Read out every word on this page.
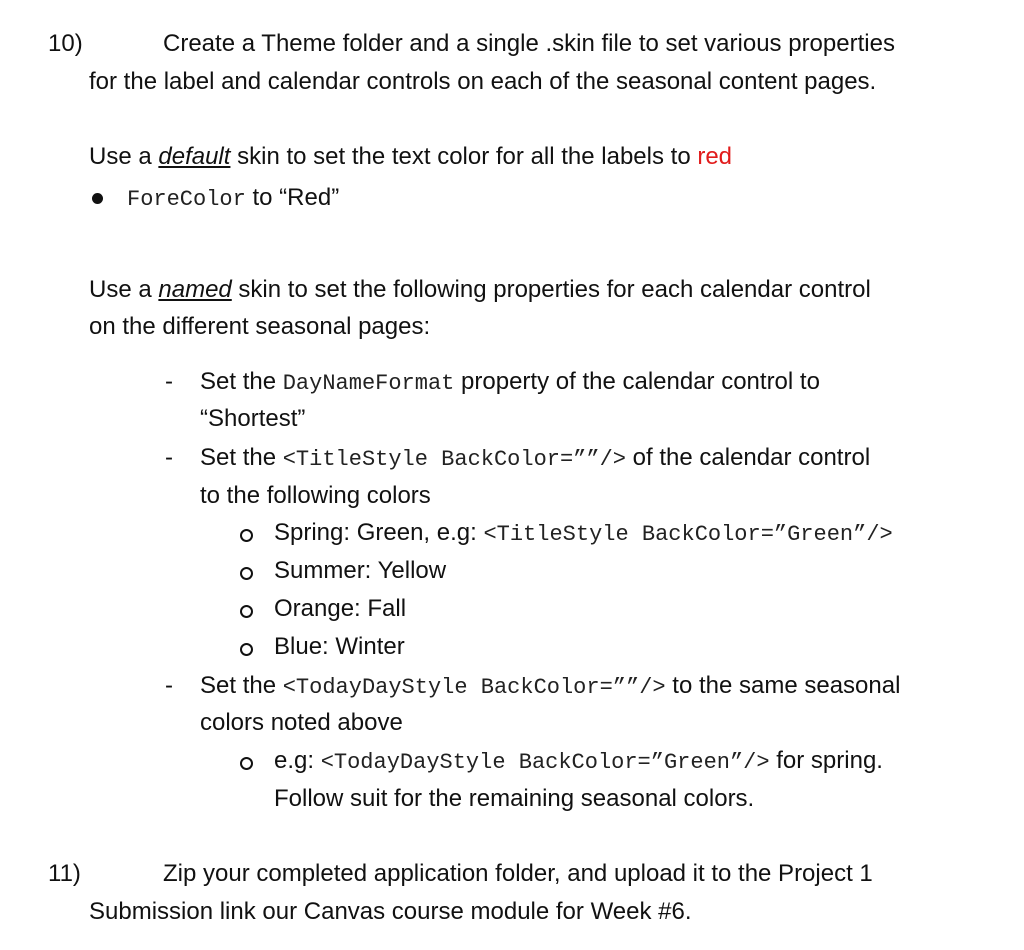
10)	Create a Theme folder and a single .skin file to set various properties
for the label and calendar controls on each of the seasonal content pages.
Use a default skin to set the text color for all the labels to red
ForeColor to “Red”
Use a named skin to set the following properties for each calendar control
on the different seasonal pages:
- Set the DayNameFormat property of the calendar control to
“Shortest”
- Set the <TitleStyle BackColor=””/> of the calendar control
to the following colors
Spring: Green, e.g: <TitleStyle BackColor=”Green”/>
Summer: Yellow
Orange: Fall
Blue: Winter
- Set the <TodayDayStyle BackColor=””/> to the same seasonal
colors noted above
e.g: <TodayDayStyle BackColor=”Green”/> for spring.
Follow suit for the remaining seasonal colors.
11)	Zip your completed application folder, and upload it to the Project 1
Submission link our Canvas course module for Week #6.
